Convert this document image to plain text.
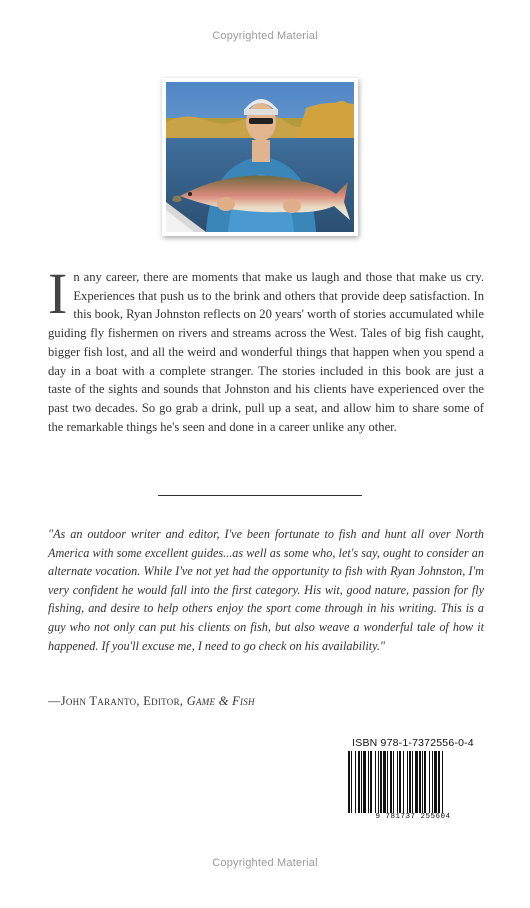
Copyrighted Material
I n any career, there are moments that make us laugh and those that make us cry. Experiences that push us to the brink and others that provide deep satisfaction. In this book, Ryan Johnston reflects on 20 years' worth of stories accumulated while guiding fly fishermen on rivers and streams across the West. Tales of big fish caught, bigger fish lost, and all the weird and wonderful things that happen when you spend a day in a boat with a complete stranger. The stories included in this book are just a taste of the sights and sounds that Johnston and his clients have experienced over the past two decades. So go grab a drink, pull up a seat, and allow him to share some of the remarkable things he's seen and done in a career unlike any other.
"As an outdoor writer and editor, I've been fortunate to fish and hunt all over North America with some excellent guides...as well as some who, let's say, ought to consider an alternate vocation. While I've not yet had the opportunity to fish with Ryan Johnston, I'm very confident he would fall into the first category. His wit, good nature, passion for fly fishing, and desire to help others enjoy the sport come through in his writing. This is a guy who not only can put his clients on fish, but also weave a wonderful tale of how it happened. If you'll excuse me, I need to go check on his availability."
—John Taranto, Editor, Game & Fish
ISBN 978-1-7372556-0-4
9 781737 255604
Copyrighted Material
